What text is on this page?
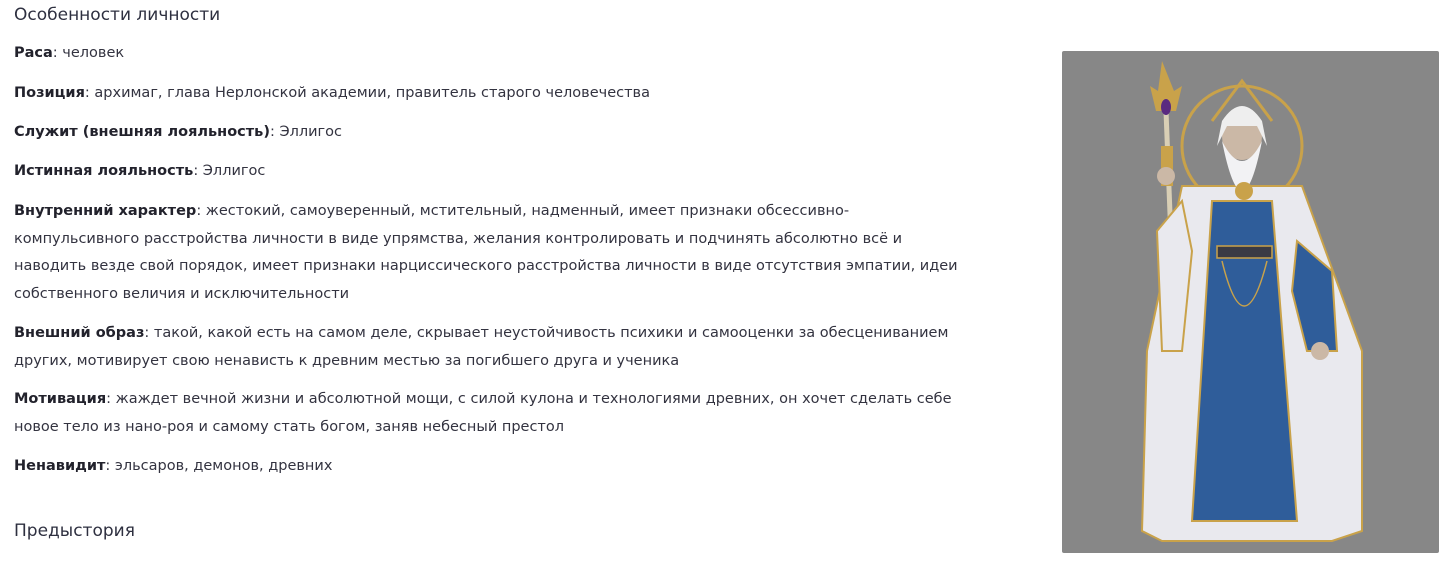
Особенности личности

Раса: человек

Позиция: архимаг, глава Нерлонской академии, правитель старого человечества

Служит (внешняя лояльность): Эллигос

Истинная лояльность: Эллигос

Внутренний характер: жестокий, самоуверенный, мстительный, надменный, имеет признаки обсессивно-компульсивного расстройства личности в виде упрямства, желания контролировать и подчинять абсолютно всё и наводить везде свой порядок, имеет признаки нарциссического расстройства личности в виде отсутствия эмпатии, идеи собственного величия и исключительности

Внешний образ: такой, какой есть на самом деле, скрывает неустойчивость психики и самооценки за обесцениванием других, мотивирует свою ненависть к древним местью за погибшего друга и ученика

Мотивация: жаждет вечной жизни и абсолютной мощи, с силой кулона и технологиями древних, он хочет сделать себе новое тело из нано-роя и самому стать богом, заняв небесный престол

Ненавидит: эльсаров, демонов, древних

Предыстория
